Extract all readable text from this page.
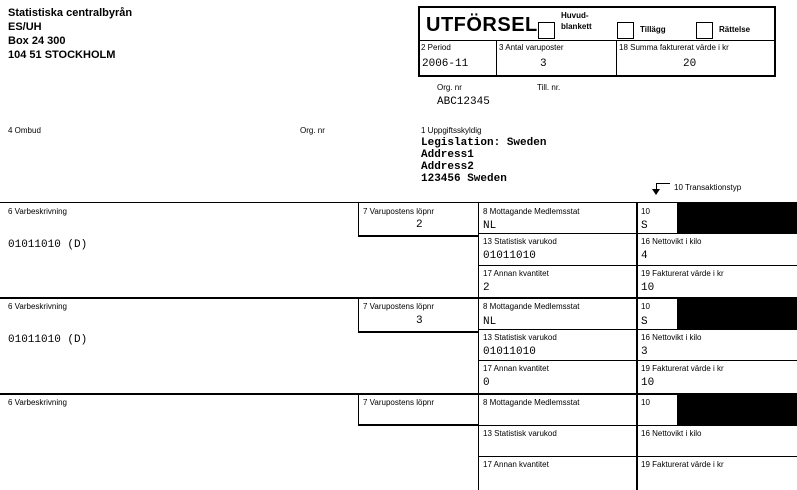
Statistiska centralbyrån
ES/UH
Box 24 300
104 51 STOCKHOLM
UTFÖRSEL	Huvud-
blankett	Tillägg	Rättelse
2 Period
2006-11
3 Antal varuposter
3
18 Summa fakturerat värde i kr
20
Org. nr
ABC12345
Till. nr.
4 Ombud	Org. nr	1 Uppgiftsskyldig
Legislation: Sweden
Address1
Address2
123456 Sweden
10 Transaktionstyp
6 Varbeskrivning
01011010 (D)
7 Varupostens löpnr
2
8 Mottagande Medlemsstat
NL
10
S
13 Statistisk varukod
01011010
16 Nettovikt i kilo
4
17 Annan kvantitet
2
19 Fakturerat värde i kr
10
6 Varbeskrivning
01011010 (D)
7 Varupostens löpnr
3
8 Mottagande Medlemsstat
NL
10
S
13 Statistisk varukod
01011010
16 Nettovikt i kilo
3
17 Annan kvantitet
0
19 Fakturerat värde i kr
10
6 Varbeskrivning	7 Varupostens löpnr	8 Mottagande Medlemsstat	10
13 Statistisk varukod	16 Nettovikt i kilo
17 Annan kvantitet	19 Fakturerat värde i kr
